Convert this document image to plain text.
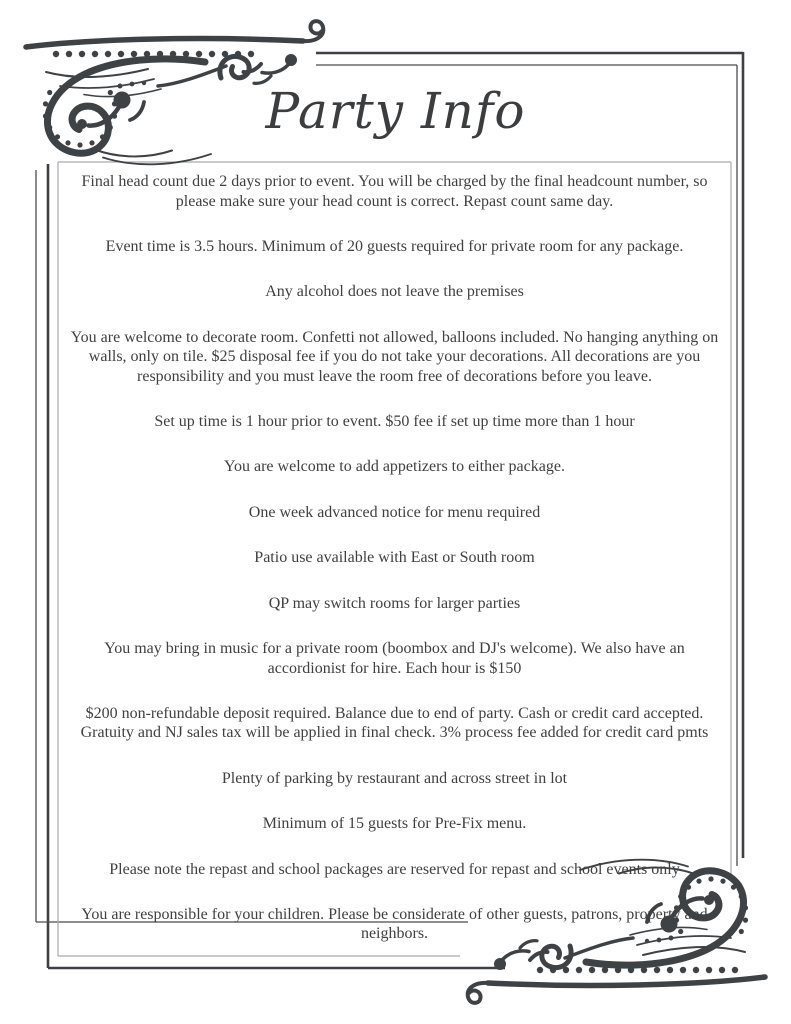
Party Info

Final head count due 2 days prior to event. You will be charged by the final headcount number, so please make sure your head count is correct. Repast count same day.

Event time is 3.5 hours. Minimum of 20 guests required for private room for any package.

Any alcohol does not leave the premises

You are welcome to decorate room. Confetti not allowed, balloons included. No hanging anything on walls, only on tile. $25 disposal fee if you do not take your decorations. All decorations are you responsibility and you must leave the room free of decorations before you leave.

Set up time is 1 hour prior to event. $50 fee if set up time more than 1 hour

You are welcome to add appetizers to either package.

One week advanced notice for menu required

Patio use available with East or South room

QP may switch rooms for larger parties

You may bring in music for a private room (boombox and DJ's welcome). We also have an accordionist for hire. Each hour is $150

$200 non-refundable deposit required. Balance due to end of party. Cash or credit card accepted. Gratuity and NJ sales tax will be applied in final check. 3% process fee added for credit card pmts

Plenty of parking by restaurant and across street in lot

Minimum of 15 guests for Pre-Fix menu.

Please note the repast and school packages are reserved for repast and school events only

You are responsible for your children. Please be considerate of other guests, patrons, property and neighbors.
